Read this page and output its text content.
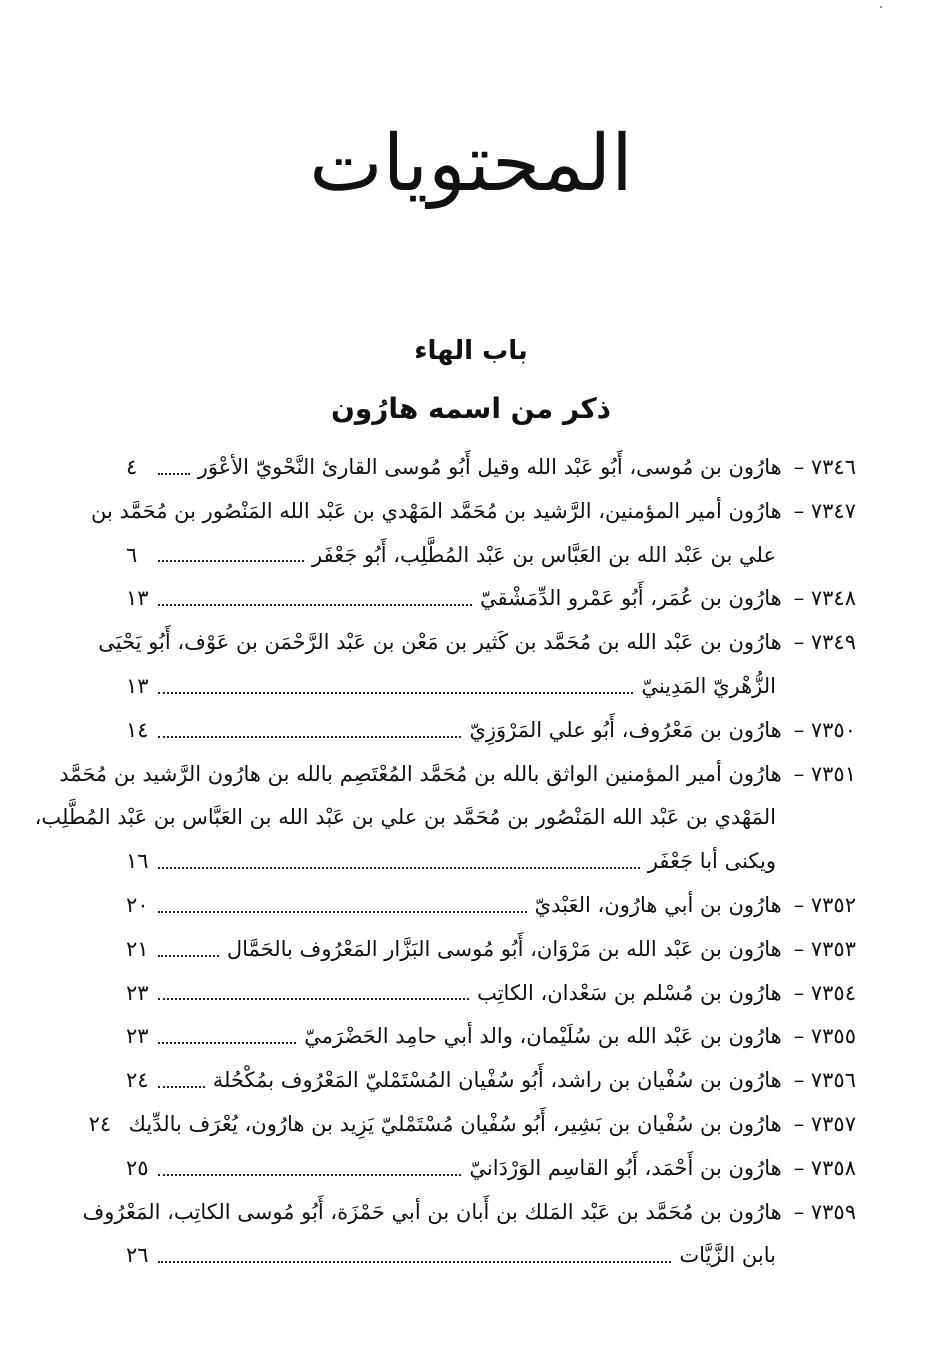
المحتويات
باب الهاء
ذكر من اسمه هارُون
٧٣٤٦ –
هارُون بن مُوسى، أَبُو عَبْد الله وقيل أَبُو مُوسى القارئ النَّحْويّ الأعْوَر
٤
٧٣٤٧ –
هارُون أمير المؤمنين، الرَّشيد بن مُحَمَّد المَهْدي بن عَبْد الله المَنْصُور بن مُحَمَّد بن
علي بن عَبْد الله بن العَبَّاس بن عَبْد المُطَّلِب، أَبُو جَعْفَر
٦
٧٣٤٨ –
هارُون بن عُمَر، أَبُو عَمْرو الدِّمَشْقيّ
١٣
٧٣٤٩ –
هارُون بن عَبْد الله بن مُحَمَّد بن كَثير بن مَعْن بن عَبْد الرَّحْمَن بن عَوْف، أَبُو يَحْيَى
الزُّهْريّ المَدِينيّ
١٣
٧٣٥٠ –
هارُون بن مَعْرُوف، أَبُو علي المَرْوَزِيّ
١٤
٧٣٥١ –
هارُون أمير المؤمنين الواثق بالله بن مُحَمَّد المُعْتَصِم بالله بن هارُون الرَّشيد بن مُحَمَّد
المَهْدي بن عَبْد الله المَنْصُور بن مُحَمَّد بن علي بن عَبْد الله بن العَبَّاس بن عَبْد المُطَّلِب،
ويكنى أبا جَعْفَر
١٦
٧٣٥٢ –
هارُون بن أبي هارُون، العَبْديّ
٢٠
٧٣٥٣ –
هارُون بن عَبْد الله بن مَرْوَان، أَبُو مُوسى البَزَّار المَعْرُوف بالحَمَّال
٢١
٧٣٥٤ –
هارُون بن مُسْلم بن سَعْدان، الكاتِب
٢٣
٧٣٥٥ –
هارُون بن عَبْد الله بن سُلَيْمان، والد أبي حامِد الحَضْرَميّ
٢٣
٧٣٥٦ –
هارُون بن سُفْيان بن راشد، أَبُو سُفْيان المُسْتَمْليّ المَعْرُوف بمُكْحُلة
٢٤
٧٣٥٧ –
هارُون بن سُفْيان بن بَشِير، أَبُو سُفْيان مُسْتَمْليّ يَزِيد بن هارُون، يُعْرَف بالدِّيك
٢٤
٧٣٥٨ –
هارُون بن أَحْمَد، أَبُو القاسِم الوَرْدَانيّ
٢٥
٧٣٥٩ –
هارُون بن مُحَمَّد بن عَبْد المَلك بن أَبان بن أبي حَمْزَة، أَبُو مُوسى الكاتِب، المَعْرُوف
بابن الزَّيَّات
٢٦
